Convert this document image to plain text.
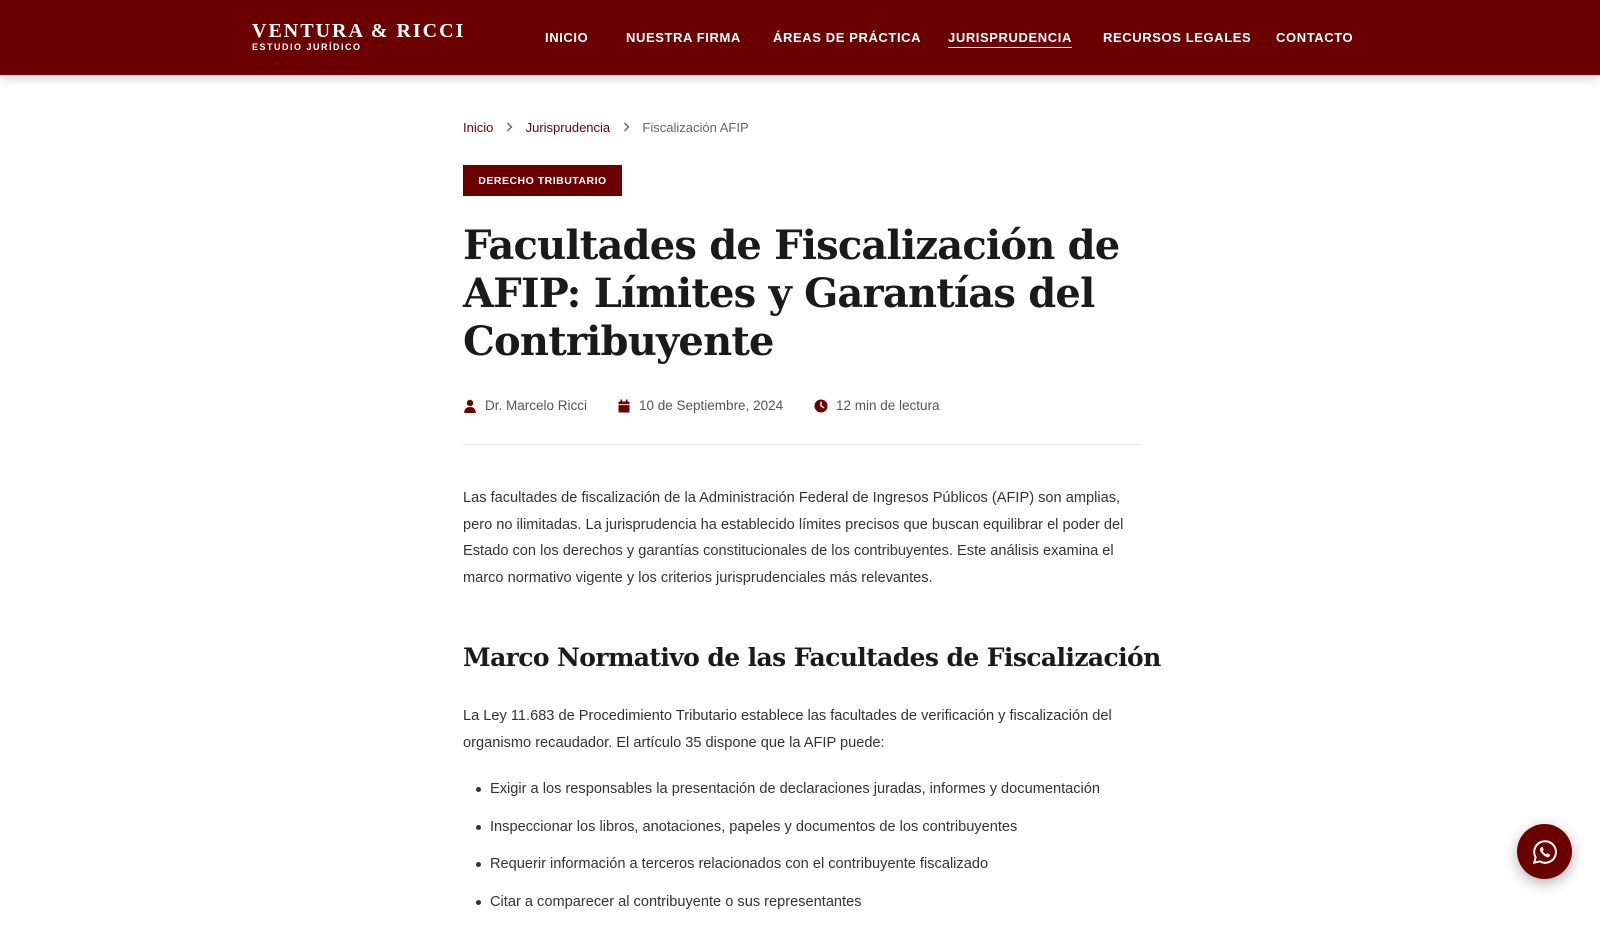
VENTURA & RICCI
ESTUDIO JURÍDICO
INICIO	NUESTRA FIRMA ÁREAS DE PRÁCTICA JURISPRUDENCIA RECURSOS LEGALES CONTACTO
Inicio Jurisprudencia Fiscalización AFIP
DERECHO TRIBUTARIO
Facultades de Fiscalización de AFIP: Límites y Garantías del Contribuyente
Dr. Marcelo Ricci	10 de Septiembre, 2024	12 min de lectura

Las facultades de fiscalización de la Administración Federal de Ingresos Públicos (AFIP) son amplias, pero no ilimitadas. La jurisprudencia ha establecido límites precisos que buscan equilibrar el poder del Estado con los derechos y garantías constitucionales de los contribuyentes. Este análisis examina el marco normativo vigente y los criterios jurisprudenciales más relevantes.

Marco Normativo de las Facultades de Fiscalización

La Ley 11.683 de Procedimiento Tributario establece las facultades de verificación y fiscalización del organismo recaudador. El artículo 35 dispone que la AFIP puede:

Exigir a los responsables la presentación de declaraciones juradas, informes y documentación
Inspeccionar los libros, anotaciones, papeles y documentos de los contribuyentes
Requerir información a terceros relacionados con el contribuyente fiscalizado
Citar a comparecer al contribuyente o sus representantes
